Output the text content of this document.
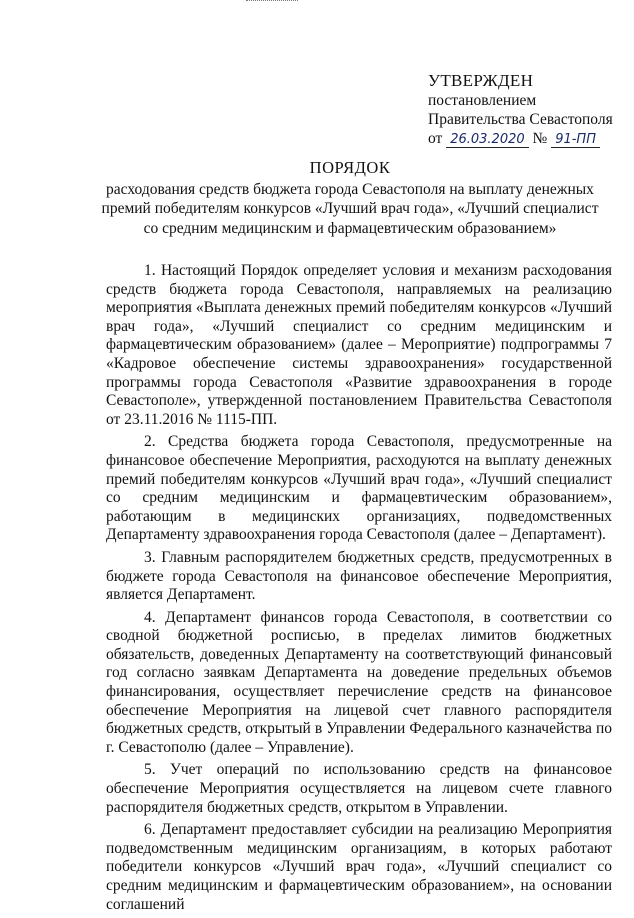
УТВЕРЖДЕН
постановлением
Правительства Севастополя
от 26.03.2020 № 91-ПП
ПОРЯДОК
расходования средств бюджета города Севастополя на выплату денежных
премий победителям конкурсов «Лучший врач года», «Лучший специалист
со средним медицинским и фармацевтическим образованием»

1. Настоящий Порядок определяет условия и механизм расходования средств бюджета города Севастополя, направляемых на реализацию мероприятия «Выплата денежных премий победителям конкурсов «Лучший врач года», «Лучший специалист со средним медицинским и фармацевтическим образованием» (далее – Мероприятие) подпрограммы 7 «Кадровое обеспечение системы здравоохранения» государственной программы города Севастополя «Развитие здравоохранения в городе Севастополе», утвержденной постановлением Правительства Севастополя от 23.11.2016 № 1115-ПП.

2. Средства бюджета города Севастополя, предусмотренные на финансовое обеспечение Мероприятия, расходуются на выплату денежных премий победителям конкурсов «Лучший врач года», «Лучший специалист со средним медицинским и фармацевтическим образованием», работающим в медицинских организациях, подведомственных Департаменту здравоохранения города Севастополя (далее – Департамент).

3. Главным распорядителем бюджетных средств, предусмотренных в бюджете города Севастополя на финансовое обеспечение Мероприятия, является Департамент.

4. Департамент финансов города Севастополя, в соответствии со сводной бюджетной росписью, в пределах лимитов бюджетных обязательств, доведенных Департаменту на соответствующий финансовый год согласно заявкам Департамента на доведение предельных объемов финансирования, осуществляет перечисление средств на финансовое обеспечение Мероприятия на лицевой счет главного распорядителя бюджетных средств, открытый в Управлении Федерального казначейства по г. Севастополю (далее – Управление).

5. Учет операций по использованию средств на финансовое обеспечение Мероприятия осуществляется на лицевом счете главного распорядителя бюджетных средств, открытом в Управлении.

6. Департамент предоставляет субсидии на реализацию Мероприятия подведомственным медицинским организациям, в которых работают победители конкурсов «Лучший врач года», «Лучший специалист со средним медицинским и фармацевтическим образованием», на основании соглашений
